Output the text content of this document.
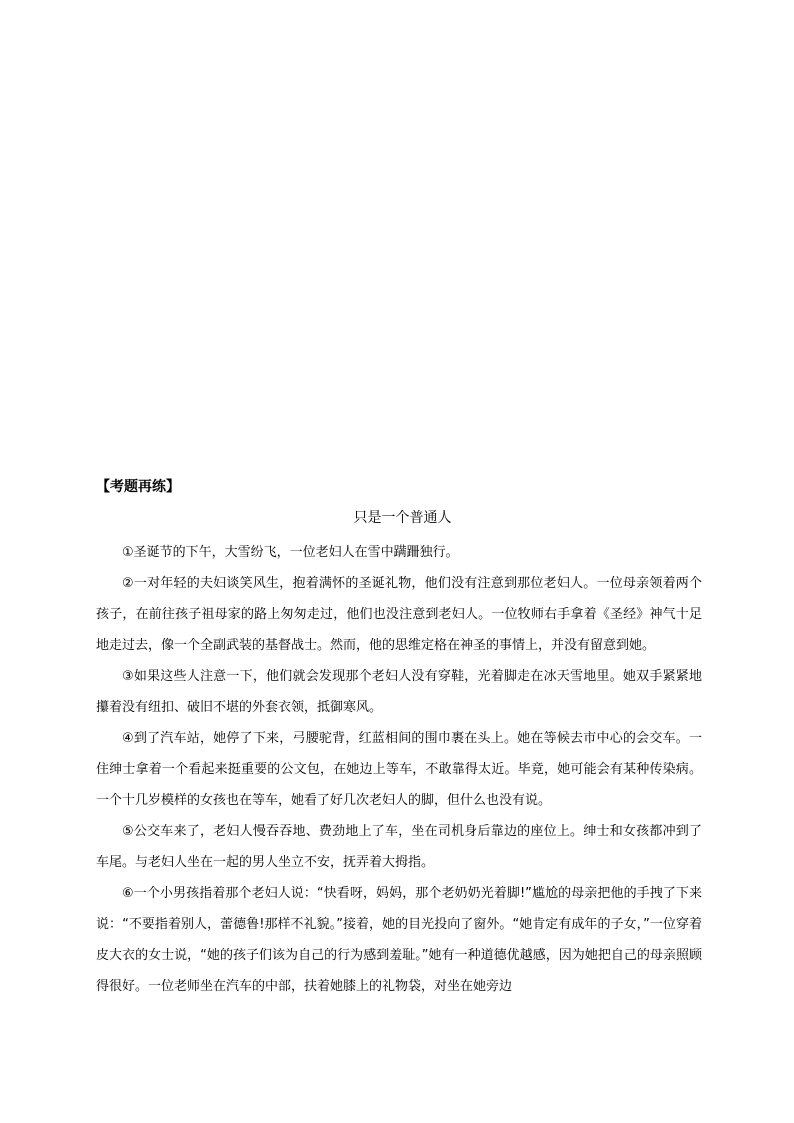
【考题再练】
只是一个普通人

①圣诞节的下午，大雪纷飞，一位老妇人在雪中蹒跚独行。

②一对年轻的夫妇谈笑风生，抱着满怀的圣诞礼物，他们没有注意到那位老妇人。一位母亲领着两个孩子，在前往孩子祖母家的路上匆匆走过，他们也没注意到老妇人。一位牧师右手拿着《圣经》神气十足地走过去，像一个全副武装的基督战士。然而，他的思维定格在神圣的事情上，并没有留意到她。

③如果这些人注意一下，他们就会发现那个老妇人没有穿鞋，光着脚走在冰天雪地里。她双手紧紧地攥着没有纽扣、破旧不堪的外套衣领，抵御寒风。

④到了汽车站，她停了下来，弓腰驼背，红蓝相间的围巾裹在头上。她在等候去市中心的会交车。一住绅士拿着一个看起来挺重要的公文包，在她边上等车，不敢靠得太近。毕竟，她可能会有某种传染病。一个十几岁模样的女孩也在等车，她看了好几次老妇人的脚，但什么也没有说。

⑤公交车来了，老妇人慢吞吞地、费劲地上了车，坐在司机身后靠边的座位上。绅士和女孩都冲到了车尾。与老妇人坐在一起的男人坐立不安，抚弄着大拇指。

⑥一个小男孩指着那个老妇人说：“快看呀，妈妈，那个老奶奶光着脚!”尴尬的母亲把他的手拽了下来说：“不要指着别人，蕾德鲁!那样不礼貌。”接着，她的目光投向了窗外。“她肯定有成年的子女，”一位穿着皮大衣的女士说，“她的孩子们该为自己的行为感到羞耻。”她有一种道德优越感，因为她把自己的母亲照顾得很好。一位老师坐在汽车的中部，扶着她膝上的礼物袋，对坐在她旁边
